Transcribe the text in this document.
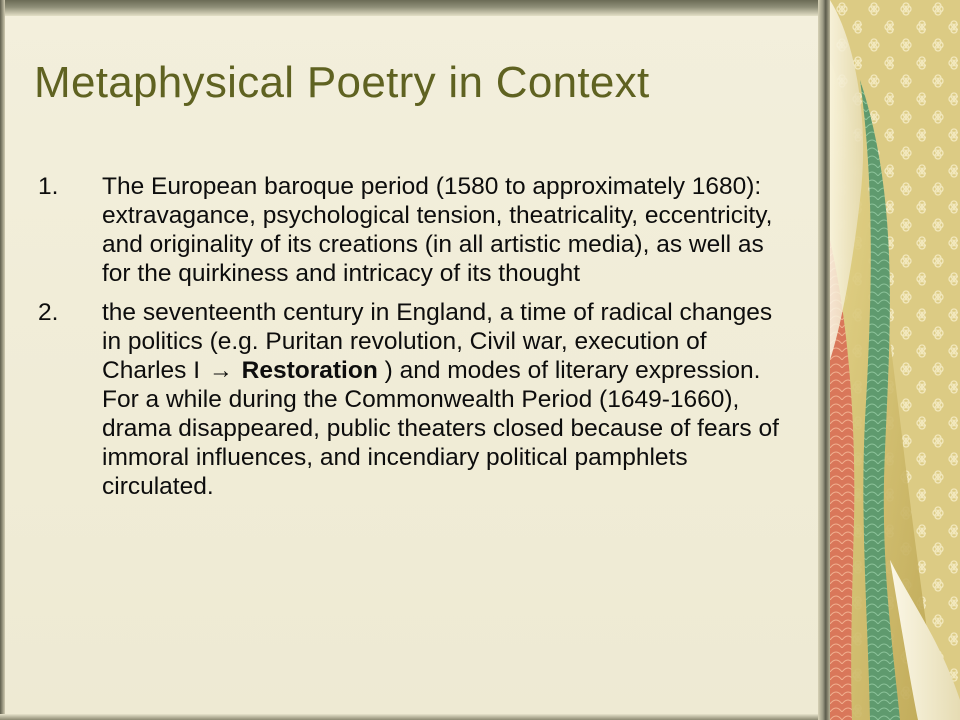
Metaphysical Poetry in Context
1.	The European baroque period (1580 to approximately 1680): extravagance, psychological tension, theatricality, eccentricity, and originality of its creations (in all artistic media), as well as for the quirkiness and intricacy of its thought
2.	the seventeenth century in England, a time of radical changes in politics (e.g. Puritan revolution, Civil war, execution of Charles I → Restoration ) and modes of literary expression. For a while during the Commonwealth Period (1649-1660), drama disappeared, public theaters closed because of fears of immoral influences, and incendiary political pamphlets circulated.
